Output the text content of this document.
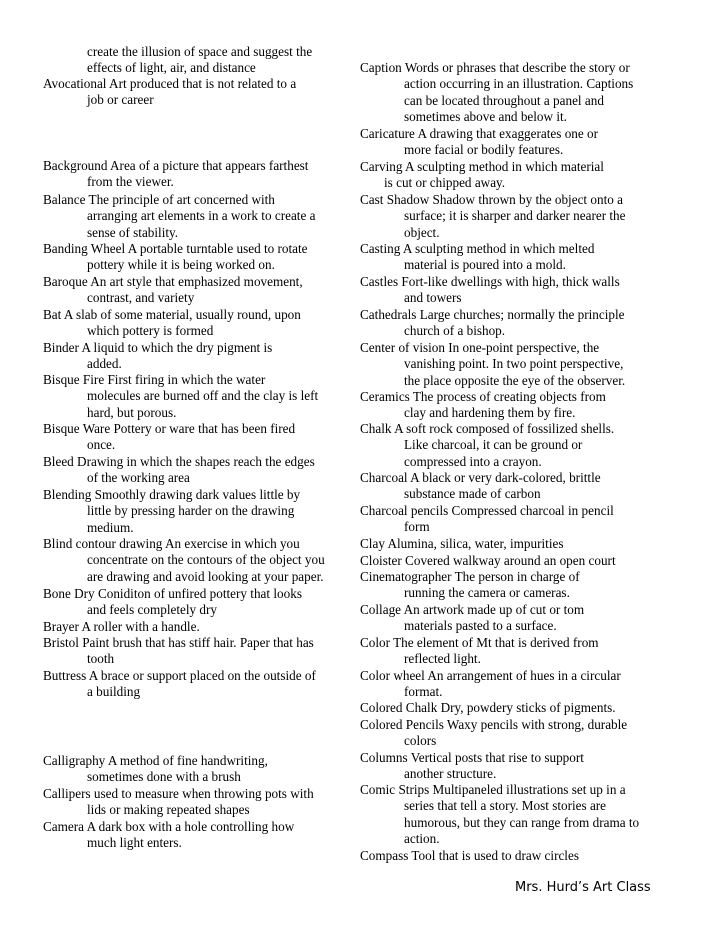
create the illusion of space and suggest the
effects of light, air, and distance
Avocational Art produced that is not related to a
job or career
Background Area of a picture that appears farthest
from the viewer.
Balance The principle of art concerned with
arranging art elements in a work to create a
sense of stability.
Banding Wheel A portable turntable used to rotate
pottery while it is being worked on.
Baroque An art style that emphasized movement,
contrast, and variety
Bat A slab of some material, usually round, upon
which pottery is formed
Binder A liquid to which the dry pigment is
added.
Bisque Fire First firing in which the water
molecules are burned off and the clay is left
hard, but porous.
Bisque Ware Pottery or ware that has been fired
once.
Bleed Drawing in which the shapes reach the edges
of the working area
Blending Smoothly drawing dark values little by
little by pressing harder on the drawing
medium.
Blind contour drawing An exercise in which you
concentrate on the contours of the object you
are drawing and avoid looking at your paper.
Bone Dry Coniditon of unfired pottery that looks
and feels completely dry
Brayer A roller with a handle.
Bristol Paint brush that has stiff hair. Paper that has
tooth
Buttress A brace or support placed on the outside of
a building
Calligraphy A method of fine handwriting,
sometimes done with a brush
Callipers used to measure when throwing pots with
lids or making repeated shapes
Camera A dark box with a hole controlling how
much light enters.
Caption Words or phrases that describe the story or
action occurring in an illustration. Captions
can be located throughout a panel and
sometimes above and below it.
Caricature A drawing that exaggerates one or
more facial or bodily features.
Carving A sculpting method in which material
is cut or chipped away.
Cast Shadow Shadow thrown by the object onto a
surface; it is sharper and darker nearer the
object.
Casting A sculpting method in which melted
material is poured into a mold.
Castles Fort-like dwellings with high, thick walls
and towers
Cathedrals Large churches; normally the principle
church of a bishop.
Center of vision In one-point perspective, the
vanishing point. In two point perspective,
the place opposite the eye of the observer.
Ceramics The process of creating objects from
clay and hardening them by fire.
Chalk A soft rock composed of fossilized shells.
Like charcoal, it can be ground or
compressed into a crayon.
Charcoal A black or very dark-colored, brittle
substance made of carbon
Charcoal pencils Compressed charcoal in pencil
form
Clay Alumina, silica, water, impurities
Cloister Covered walkway around an open court
Cinematographer The person in charge of
running the camera or cameras.
Collage An artwork made up of cut or tom
materials pasted to a surface.
Color The element of Mt that is derived from
reflected light.
Color wheel An arrangement of hues in a circular
format.
Colored Chalk Dry, powdery sticks of pigments.
Colored Pencils Waxy pencils with strong, durable
colors
Columns Vertical posts that rise to support
another structure.
Comic Strips Multipaneled illustrations set up in a
series that tell a story. Most stories are
humorous, but they can range from drama to
action.
Compass Tool that is used to draw circles
Mrs. Hurd’s Art Class
